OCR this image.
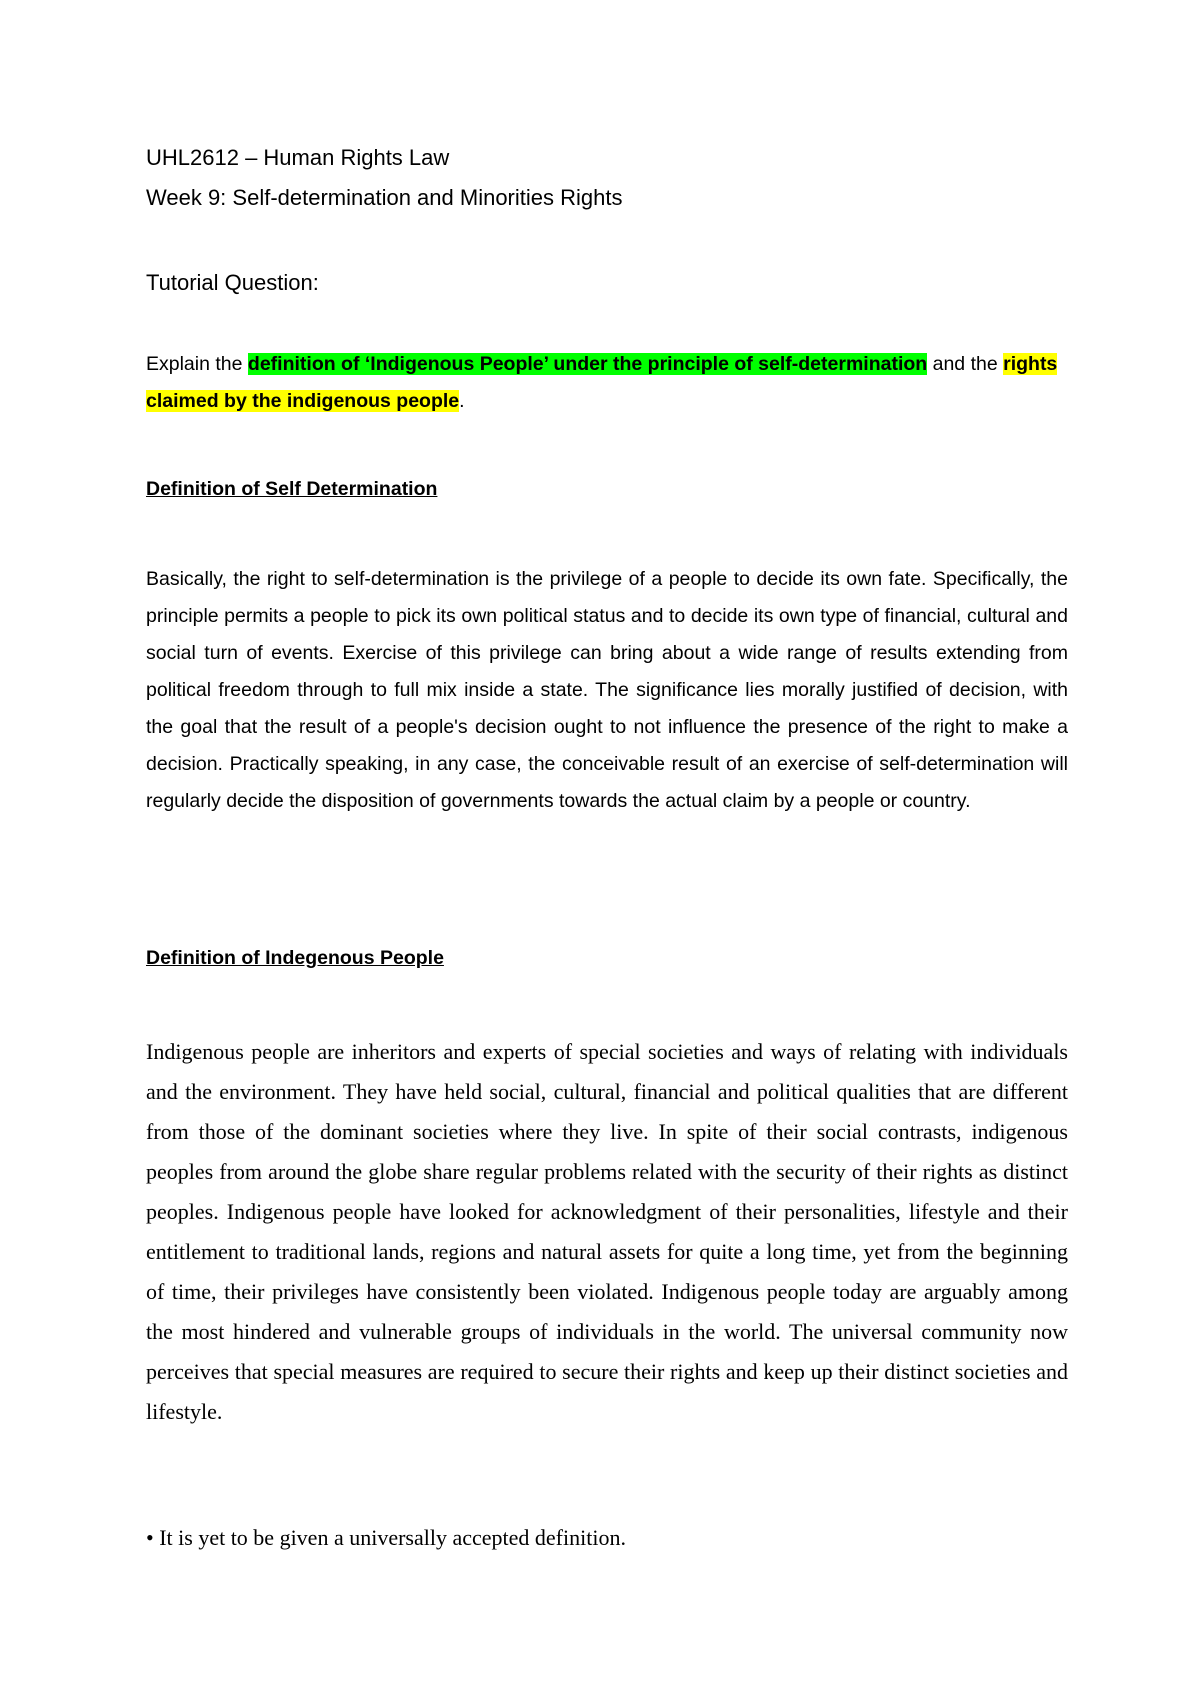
UHL2612 – Human Rights Law
Week 9: Self-determination and Minorities Rights
Tutorial Question:
Explain the definition of ‘Indigenous People’ under the principle of self-determination and the rights claimed by the indigenous people.
Definition of Self Determination

Basically, the right to self-determination is the privilege of a people to decide its own fate. Specifically, the principle permits a people to pick its own political status and to decide its own type of financial, cultural and social turn of events. Exercise of this privilege can bring about a wide range of results extending from political freedom through to full mix inside a state. The significance lies morally justified of decision, with the goal that the result of a people's decision ought to not influence the presence of the right to make a decision. Practically speaking, in any case, the conceivable result of an exercise of self-determination will regularly decide the disposition of governments towards the actual claim by a people or country.

Definition of Indegenous People

Indigenous people are inheritors and experts of special societies and ways of relating with individuals and the environment. They have held social, cultural, financial and political qualities that are different from those of the dominant societies where they live. In spite of their social contrasts, indigenous peoples from around the globe share regular problems related with the security of their rights as distinct peoples. Indigenous people have looked for acknowledgment of their personalities, lifestyle and their entitlement to traditional lands, regions and natural assets for quite a long time, yet from the beginning of time, their privileges have consistently been violated. Indigenous people today are arguably among the most hindered and vulnerable groups of individuals in the world. The universal community now perceives that special measures are required to secure their rights and keep up their distinct societies and lifestyle.

• It is yet to be given a universally accepted definition.
